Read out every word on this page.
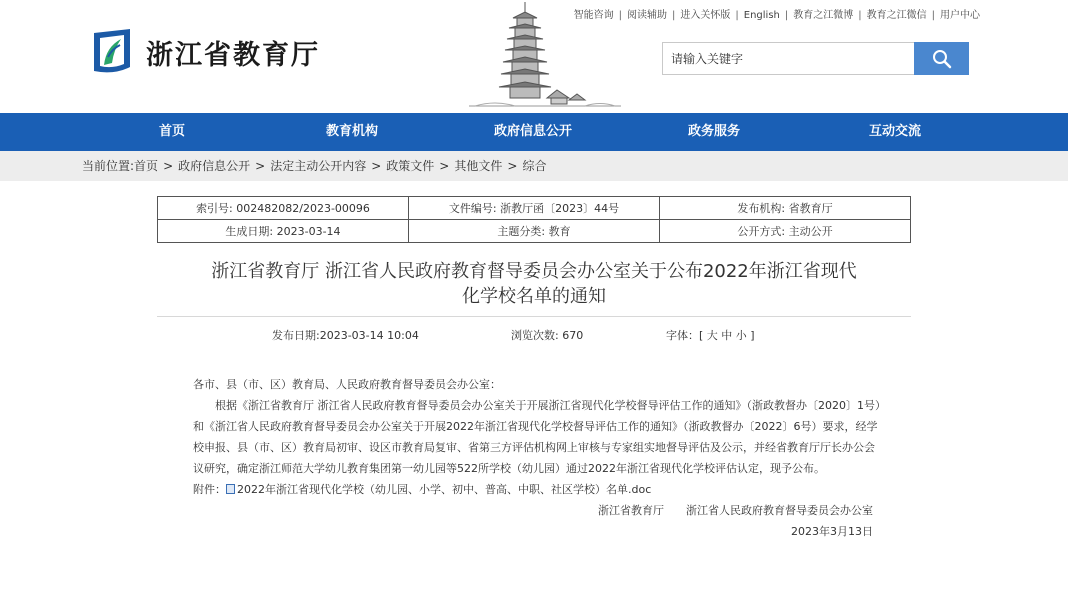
智能咨询 | 阅读辅助 | 进入关怀版 | English | 教育之江微博 | 教育之江微信 | 用户中心
浙江省教育厅
请输入关键字
首页	教育机构	政府信息公开	政务服务	互动交流
当前位置:首页 > 政府信息公开 > 法定主动公开内容 > 政策文件 > 其他文件 > 综合
索引号: 002482082/2023-00096	文件编号: 浙教厅函〔2023〕44号	发布机构: 省教育厅
生成日期: 2023-03-14	主题分类: 教育	公开方式: 主动公开
浙江省教育厅 浙江省人民政府教育督导委员会办公室关于公布2022年浙江省现代
化学校名单的通知
发布日期:2023-03-14 10:04	浏览次数: 670	字体：[ 大 中 小 ]

各市、县（市、区）教育局、人民政府教育督导委员会办公室：

根据《浙江省教育厅 浙江省人民政府教育督导委员会办公室关于开展浙江省现代化学校督导评估工作的通知》（浙政教督办〔2020〕1号）和《浙江省人民政府教育督导委员会办公室关于开展2022年浙江省现代化学校督导评估工作的通知》（浙政教督办〔2022〕6号）要求，经学校申报、县（市、区）教育局初审、设区市教育局复审、省第三方评估机构网上审核与专家组实地督导评估及公示，并经省教育厅厅长办公会议研究，确定浙江师范大学幼儿教育集团第一幼儿园等522所学校（幼儿园）通过2022年浙江省现代化学校评估认定，现予公布。

附件： 2022年浙江省现代化学校（幼儿园、小学、初中、普高、中职、社区学校）名单.doc

浙江省教育厅 浙江省人民政府教育督导委员会办公室

2023年3月13日
